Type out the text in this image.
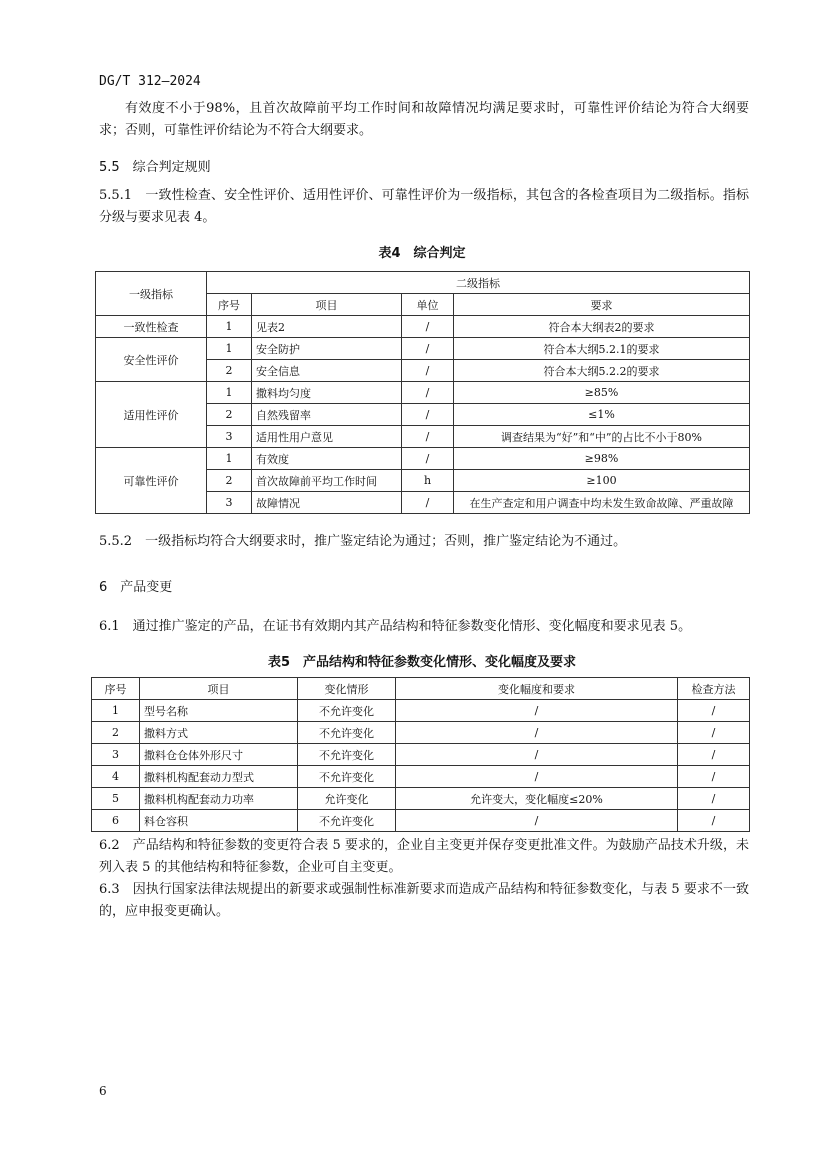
DG/T 312—2024
有效度不小于98%，且首次故障前平均工作时间和故障情况均满足要求时，可靠性评价结论为符合大纲要求；否则，可靠性评价结论为不符合大纲要求。
5.5　综合判定规则
5.5.1　一致性检查、安全性评价、适用性评价、可靠性评价为一级指标，其包含的各检查项目为二级指标。指标分级与要求见表 4。
表4　综合判定
一级指标	二级指标			
	序号	项目	单位	要求
一致性检查	1	见表2	/	符合本大纲表2的要求
安全性评价	1	安全防护	/	符合本大纲5.2.1的要求
	2	安全信息	/	符合本大纲5.2.2的要求
适用性评价	1	撒料均匀度	/	≥85%
	2	自然残留率	/	≤1%
	3	适用性用户意见	/	调查结果为“好”和“中”的占比不小于80%
可靠性评价	1	有效度	/	≥98%
	2	首次故障前平均工作时间	h	≥100
	3	故障情况	/	在生产查定和用户调查中均未发生致命故障、严重故障
5.5.2　一级指标均符合大纲要求时，推广鉴定结论为通过；否则，推广鉴定结论为不通过。
6　产品变更
6.1　通过推广鉴定的产品，在证书有效期内其产品结构和特征参数变化情形、变化幅度和要求见表 5。
表5　产品结构和特征参数变化情形、变化幅度及要求
序号	项目	变化情形	变化幅度和要求	检查方法
1	型号名称	不允许变化	/	/
2	撒料方式	不允许变化	/	/
3	撒料仓仓体外形尺寸	不允许变化	/	/
4	撒料机构配套动力型式	不允许变化	/	/
5	撒料机构配套动力功率	允许变化	允许变大，变化幅度≤20%	/
6	料仓容积	不允许变化	/	/
6.2　产品结构和特征参数的变更符合表 5 要求的，企业自主变更并保存变更批准文件。为鼓励产品技术升级，未列入表 5 的其他结构和特征参数，企业可自主变更。
6.3　因执行国家法律法规提出的新要求或强制性标准新要求而造成产品结构和特征参数变化，与表 5 要求不一致的，应申报变更确认。
6
